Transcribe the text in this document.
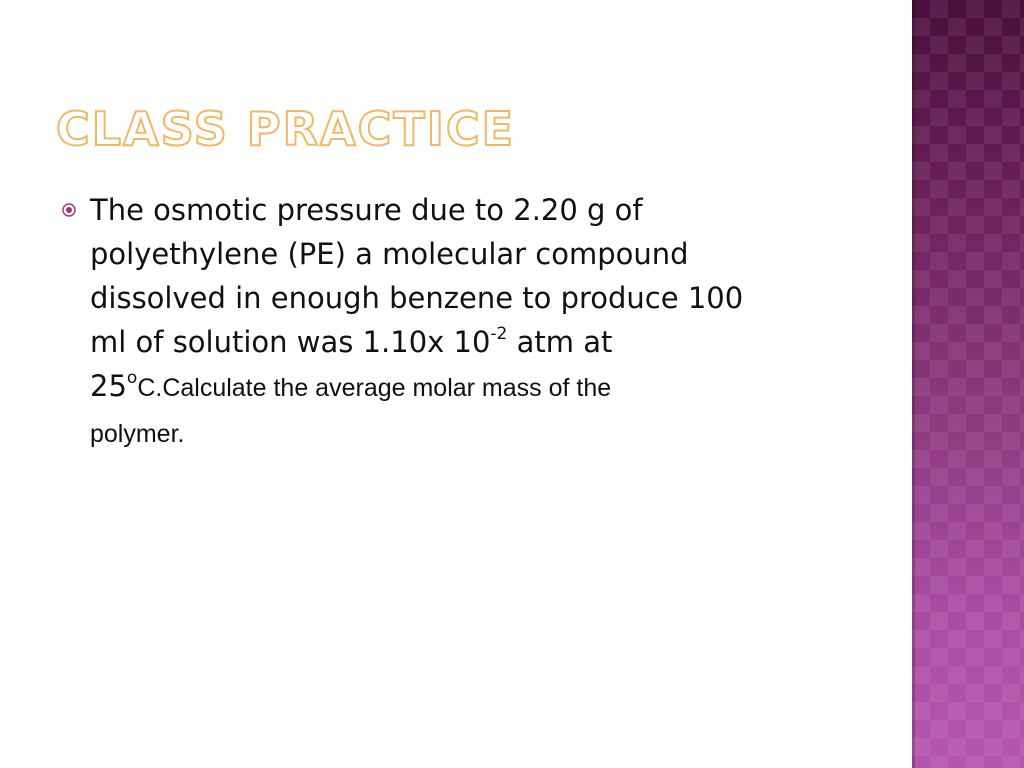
CLASS PRACTICE
The osmotic pressure due to 2.20 g of
polyethylene (PE) a molecular compound
dissolved in enough benzene to produce 100
ml of solution was 1.10x $10^{-2}$ atm at
25$^o$C.Calculate the average molar mass of the
polymer.
